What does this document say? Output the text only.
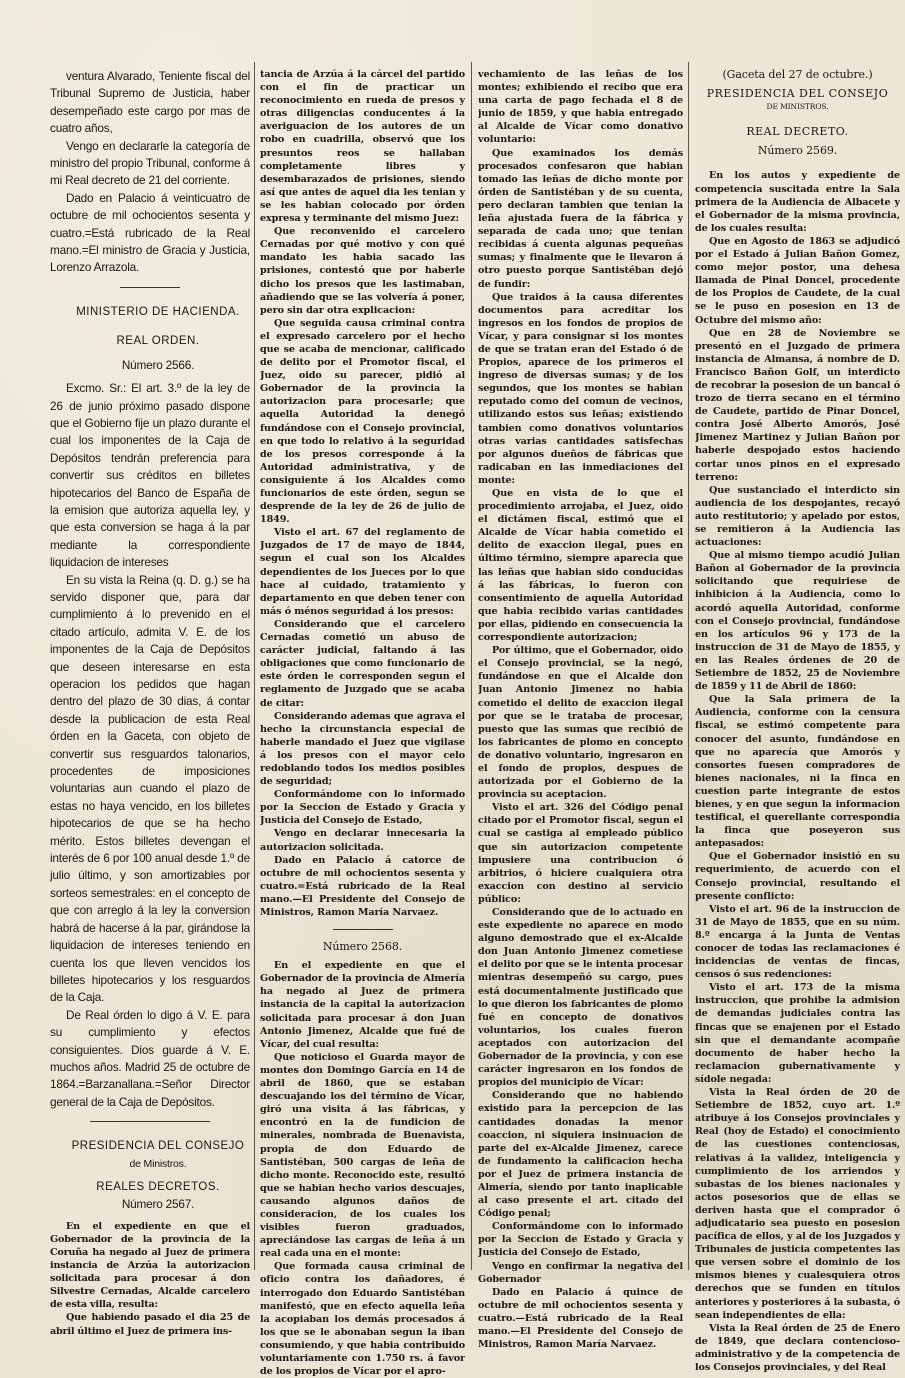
ventura Alvarado, Teniente fiscal del Tribunal Supremo de Justicia, haber desempeñado este cargo por mas de cuatro años,

Vengo en declararle la categoría de ministro del propio Tribunal, conforme á mi Real decreto de 21 del corriente.

Dado en Palacio á veinticuatro de octubre de mil ochocientos sesenta y cuatro.=Está rubricado de la Real mano.=El ministro de Gracia y Justicia, Lorenzo Arrazola.

MINISTERIO DE HACIENDA.

REAL ORDEN.

Número 2566.

Excmo. Sr.: El art. 3.º de la ley de 26 de junio próximo pasado dispone que el Gobierno fije un plazo durante el cual los imponentes de la Caja de Depósitos tendrán preferencia para convertir sus créditos en billetes hipotecarios del Banco de España de la emision que autoriza aquella ley, y que esta conversion se haga á la par mediante la correspondiente liquidacion de intereses

En su vista la Reina (q. D. g.) se ha servido disponer que, para dar cumplimiento á lo prevenido en el citado artículo, admita V. E. de los imponentes de la Caja de Depósitos que deseen interesarse en esta operacion los pedidos que hagan dentro del plazo de 30 dias, á contar desde la publicacion de esta Real órden en la Gaceta, con objeto de convertir sus resguardos talonarios, procedentes de imposiciones voluntarias aun cuando el plazo de estas no haya vencido, en los billetes hipotecarios de que se ha hecho mérito. Estos billetes devengan el interés de 6 por 100 anual desde 1.º de julio último, y son amortizables por sorteos semestrales: en el concepto de que con arreglo á la ley la conversion habrá de hacerse á la par, girándose la liquidacion de intereses teniendo en cuenta los que lleven vencidos los billetes hipotecarios y los resguardos de la Caja.

De Real órden lo digo á V. E. para su cumplimiento y efectos consiguientes. Dios guarde á V. E. muchos años. Madrid 25 de octubre de 1864.=Barzanallana.=Señor Director general de la Caja de Depósitos.

PRESIDENCIA DEL CONSEJO

de Ministros.

REALES DECRETOS.

Número 2567.

En el expediente en que el Gobernador de la provincia de la Coruña ha negado al Juez de primera instancia de Arzúa la autorizacion solicitada para procesar á don Silvestre Cernadas, Alcalde carcelero de esta villa, resulta:

Que habiendo pasado el dia 25 de abril último el Juez de primera ins-

tancia de Arzúa á la cárcel del partido con el fin de practicar un reconocimiento en rueda de presos y otras diligencias conducentes á la averiguacion de los autores de un robo en cuadrilla, observó que los presuntos reos se hallaban completamente libres y desembarazados de prisiones, siendo así que antes de aquel dia les tenian y se les habian colocado por órden expresa y terminante del mismo Juez:

Que reconvenido el carcelero Cernadas por qué motivo y con qué mandato les habia sacado las prisiones, contestó que por haberle dicho los presos que les lastimaban, añadiendo que se las volvería á poner, pero sin dar otra explicacion:

Que seguida causa criminal contra el expresado carcelero por el hecho que se acaba de mencionar, calificado de delito por el Promotor fiscal, el Juez, oido su parecer, pidió al Gobernador de la provincia la autorizacion para procesarle; que aquella Autoridad la denegó fundándose con el Consejo provincial, en que todo lo relativo á la seguridad de los presos corresponde á la Autoridad administrativa, y de consiguiente á los Alcaldes como funcionarios de este órden, segun se desprende de la ley de 26 de julio de 1849.

Visto el art. 67 del reglamento de Juzgados de 17 de mayo de 1844, segun el cual son los Alcaldes dependientes de los Jueces por lo que hace al cuidado, tratamiento y departamento en que deben tener con más ó ménos seguridad á los presos:

Considerando que el carcelero Cernadas cometió un abuso de carácter judicial, faltando á las obligaciones que como funcionario de este órden le corresponden segun el reglamento de Juzgado que se acaba de citar:

Considerando ademas que agrava el hecho la circunstancia especial de haberle mandado el Juez que vigilase á los presos con el mayor celo redoblando todos los medios posibles de seguridad;

Conformándome con lo informado por la Seccion de Estado y Gracia y Justicia del Consejo de Estado,

Vengo en declarar innecesaria la autorizacion solicitada.

Dado en Palacio á catorce de octubre de mil ochocientos sesenta y cuatro.=Está rubricado de la Real mano.—El Presidente del Consejo de Ministros, Ramon María Narvaez.

Número 2568.

En el expediente en que el Gobernador de la provincia de Almería ha negado al Juez de primera instancia de la capital la autorizacion solicitada para procesar á don Juan Antonio Jimenez, Alcalde que fué de Vícar, del cual resulta:

Que noticioso el Guarda mayor de montes don Domingo García en 14 de abril de 1860, que se estaban descuajando los del término de Vícar, giró una visita á las fábricas, y encontró en la de fundicion de minerales, nombrada de Buenavista, propia de don Eduardo de Santistéban, 500 cargas de leña de dicho monte. Reconocido este, resultó que se habian hecho varios descuajes, causando algunos daños de consideracion, de los cuales los visibles fueron graduados, apreciándose las cargas de leña á un real cada una en el monte:

Que formada causa criminal de oficio contra los dañadores, é interrogado don Eduardo Santistéban manifestó, que en efecto aquella leña la acopiaban los demás procesados á los que se le abonaban segun la iban consumiendo, y que habia contribuido voluntariamente con 1.750 rs. á favor de los propios de Vícar por el apro-

vechamiento de las leñas de los montes; exhibiendo el recibo que era una carta de pago fechada el 8 de junio de 1859, y que habia entregado al Alcalde de Vícar como donativo voluntario:

Que examinados los demás procesados confesaron que habian tomado las leñas de dicho monte por órden de Santistéban y de su cuenta, pero declaran tambien que tenian la leña ajustada fuera de la fábrica y separada de cada uno; que tenian recibidas á cuenta algunas pequeñas sumas; y finalmente que le llevaron á otro puesto porque Santistéban dejó de fundir:

Que traidos á la causa diferentes documentos para acreditar los ingresos en los fondos de propios de Vícar, y para consignar si los montes de que se tratan eran del Estado ó de Propios, aparece de los primeros el ingreso de diversas sumas; y de los segundos, que los montes se habian reputado como del comun de vecinos, utilizando estos sus leñas; existiendo tambien como donativos voluntarios otras varias cantidades satisfechas por algunos dueños de fábricas que radicaban en las inmediaciones del monte:

Que en vista de lo que el procedimiento arrojaba, el Juez, oido el dictámen fiscal, estimó que el Alcalde de Vícar habia cometido el delito de exaccion ilegal, pues en último término, siempre aparecia que las leñas que habian sido conducidas á las fábricas, lo fueron con consentimiento de aquella Autoridad que habia recibido varias cantidades por ellas, pidiendo en consecuencia la correspondiente autorizacion;

Por último, que el Gobernador, oido el Consejo provincial, se la negó, fundándose en que el Alcalde don Juan Antonio Jimenez no habia cometido el delito de exaccion ilegal por que se le trataba de procesar, puesto que las sumas que recibió de los fabricantes de plomo en concepto de donativo voluntario, ingresaron en el fondo de propios, despues de autorizada por el Gobierno de la provincia su aceptacion.

Visto el art. 326 del Código penal citado por el Promotor fiscal, segun el cual se castiga al empleado público que sin autorizacion competente impusiere una contribucion ó arbitrios, ó hiciere cualquiera otra exaccion con destino al servicio público:

Considerando que de lo actuado en este expediente no aparece en modo alguno demostrado que el ex-Alcalde don Juan Antonio Jimenez cometiese el delito por que se le intenta procesar mientras desempeñó su cargo, pues está documentalmente justificado que lo que dieron los fabricantes de plomo fué en concepto de donativos voluntarios, los cuales fueron aceptados con autorizacion del Gobernador de la provincia, y con ese carácter ingresaron en los fondos de propios del municipio de Vícar:

Considerando que no habiendo existido para la percepcion de las cantidades donadas la menor coaccion, ni siquiera insinuacion de parte del ex-Alcalde Jimenez, carece de fundamento la calificacion hecha por el Juez de primera instancia de Almería, siendo por tanto inaplicable al caso presente el art. citado del Código penal;

Conformándome con lo informado por la Seccion de Estado y Gracia y Justicia del Consejo de Estado,

Vengo en confirmar la negativa del Gobernador

Dado en Palacio á quince de octubre de mil ochocientos sesenta y cuatro.—Está rubricado de la Real mano.—El Presidente del Consejo de Ministros, Ramon María Narvaez.

(Gaceta del 27 de octubre.)

PRESIDENCIA DEL CONSEJO

DE MINISTROS.

REAL DECRETO.

Número 2569.

En los autos y expediente de competencia suscitada entre la Sala primera de la Audiencia de Albacete y el Gobernador de la misma provincia, de los cuales resulta:

Que en Agosto de 1863 se adjudicó por el Estado á Julian Bañon Gomez, como mejor postor, una dehesa llamada de Pinal Doncel, procedente de los Propios de Caudete, de la cual se le puso en posesion en 13 de Octubre del mismo año:

Que en 28 de Noviembre se presentó en el Juzgado de primera instancia de Almansa, á nombre de D. Francisco Bañon Golf, un interdicto de recobrar la posesion de un bancal ó trozo de tierra secano en el término de Caudete, partido de Pinar Doncel, contra José Alberto Amorós, José Jimenez Martinez y Julian Bañon por haberle despojado estos haciendo cortar unos pinos en el expresado terreno:

Que sustanciado el interdicto sin audiencia de los despojantes, recayó auto restitutorio; y apelado por estos, se remitieron á la Audiencia las actuaciones:

Que al mismo tiempo acudió Julian Bañon al Gobernador de la provincia solicitando que requiriese de inhibicion á la Audiencia, como lo acordó aquella Autoridad, conforme con el Consejo provincial, fundándose en los artículos 96 y 173 de la instruccion de 31 de Mayo de 1855, y en las Reales órdenes de 20 de Setiembre de 1852, 25 de Noviembre de 1859 y 11 de Abril de 1860:

Que la Sala primera de la Audiencia, conforme con la censura fiscal, se estimó competente para conocer del asunto, fundándose en que no aparecía que Amorós y consortes fuesen compradores de bienes nacionales, ni la finca en cuestion parte integrante de estos bienes, y en que segun la informacion testifical, el querellante correspondia la finca que poseyeron sus antepasados:

Que el Gobernador insistió en su requerimiento, de acuerdo con el Consejo provincial, resultando el presente conflicto:

Visto el art. 96 de la instruccion de 31 de Mayo de 1855, que en su núm. 8.º encarga á la Junta de Ventas conocer de todas las reclamaciones é incidencias de ventas de fincas, censos ó sus redenciones:

Visto el art. 173 de la misma instruccion, que prohibe la admision de demandas judiciales contra las fincas que se enajenen por el Estado sin que el demandante acompañe documento de haber hecho la reclamacion gubernativamente y sídole negada:

Vista la Real órden de 20 de Setiembre de 1852, cuyo art. 1.º atribuye á los Consejos provinciales y Real (hoy de Estado) el conocimiento de las cuestiones contenciosas, relativas á la validez, inteligencia y cumplimiento de los arriendos y subastas de los bienes nacionales y actos posesorios que de ellas se deriven hasta que el comprador ó adjudicatario sea puesto en posesion pacífica de ellos, y al de los Juzgados y Tribunales de justicia competentes las que versen sobre el dominio de los mismos bienes y cualesquiera otros derechos que se funden en títulos anteriores y posteriores á la subasta, ó sean independientes de ella:

Vista la Real órden de 25 de Enero de 1849, que declara contencioso-administrativo y de la competencia de los Consejos provinciales, y del Real
